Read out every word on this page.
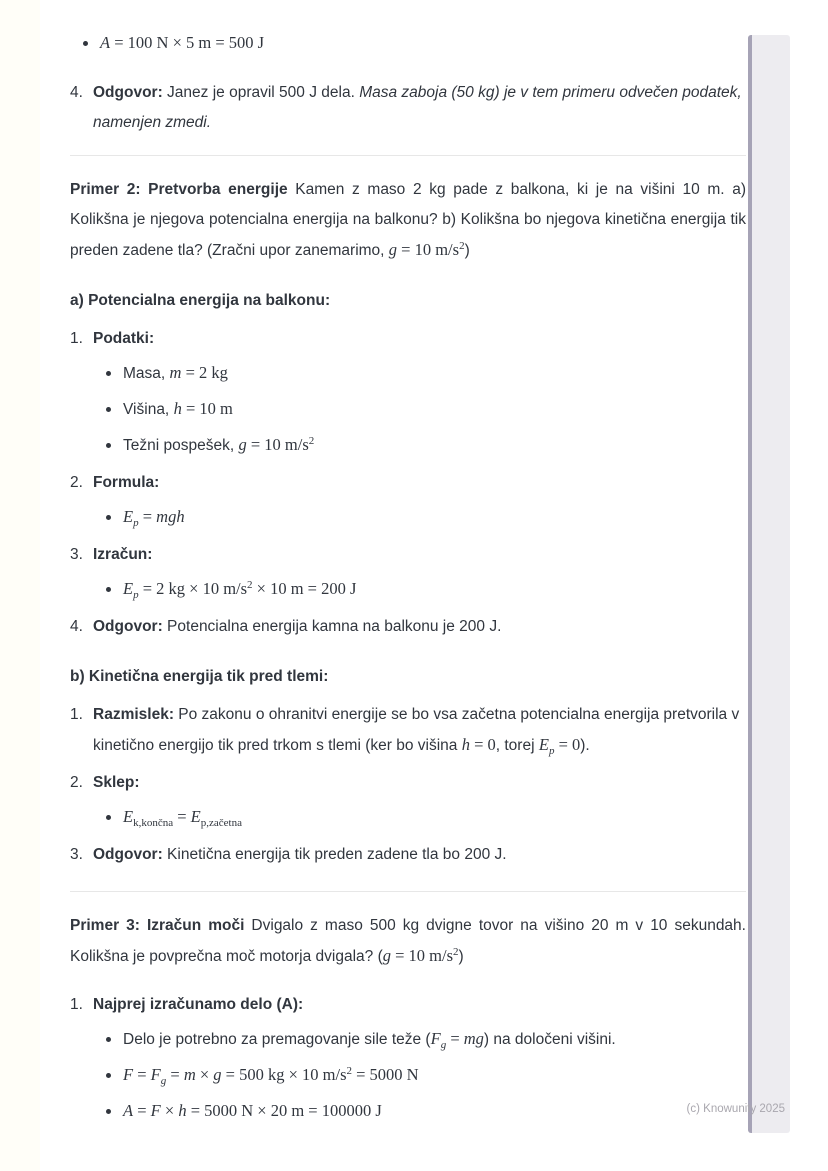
A = 100 N × 5 m = 500 J
4. Odgovor: Janez je opravil 500 J dela. Masa zaboja (50 kg) je v tem primeru odvečen podatek, namenjen zmedi.

Primer 2: Pretvorba energije Kamen z maso 2 kg pade z balkona, ki je na višini 10 m. a) Kolikšna je njegova potencialna energija na balkonu? b) Kolikšna bo njegova kinetična energija tik preden zadene tla? (Zračni upor zanemarimo, g = 10 $m/s^2$)

a) Potencialna energija na balkonu:
1. Podatki:
Masa, m = 2 kg
Višina, h = 10 m
Težni pospešek, g = 10 $m/s^2$
2. Formula:
$E_p$ = mgh
3. Izračun:
$E_p = 2$ kg × 10 $m/s^2 \times 10$ m = 200 J
4. Odgovor: Potencialna energija kamna na balkonu je 200 J.
b) Kinetična energija tik pred tlemi:
1. Razmislek: Po zakonu o ohranitvi energije se bo vsa začetna potencialna energija pretvorila v kinetično energijo tik pred trkom s tlemi (ker bo višina h = 0, torej $E_p = 0$).
2. Sklep:
$E_{k,končna} = E_{p,začetna}$
3. Odgovor: Kinetična energija tik preden zadene tla bo 200 J.

Primer 3: Izračun moči Dvigalo z maso 500 kg dvigne tovor na višino 20 m v 10 sekundah. Kolikšna je povprečna moč motorja dvigala? (g = 10 $m/s^2$)

1. Najprej izračunamo delo (A):
Delo je potrebno za premagovanje sile teže $(F_g = mg)$ na določeni višini.
$F = F_g = m \times g = 500$ kg × 10 $m/s^2 = 5000$ N
A = F × h = 5000 N × 20 m = 100000 J	(c) Knowunity 2025
